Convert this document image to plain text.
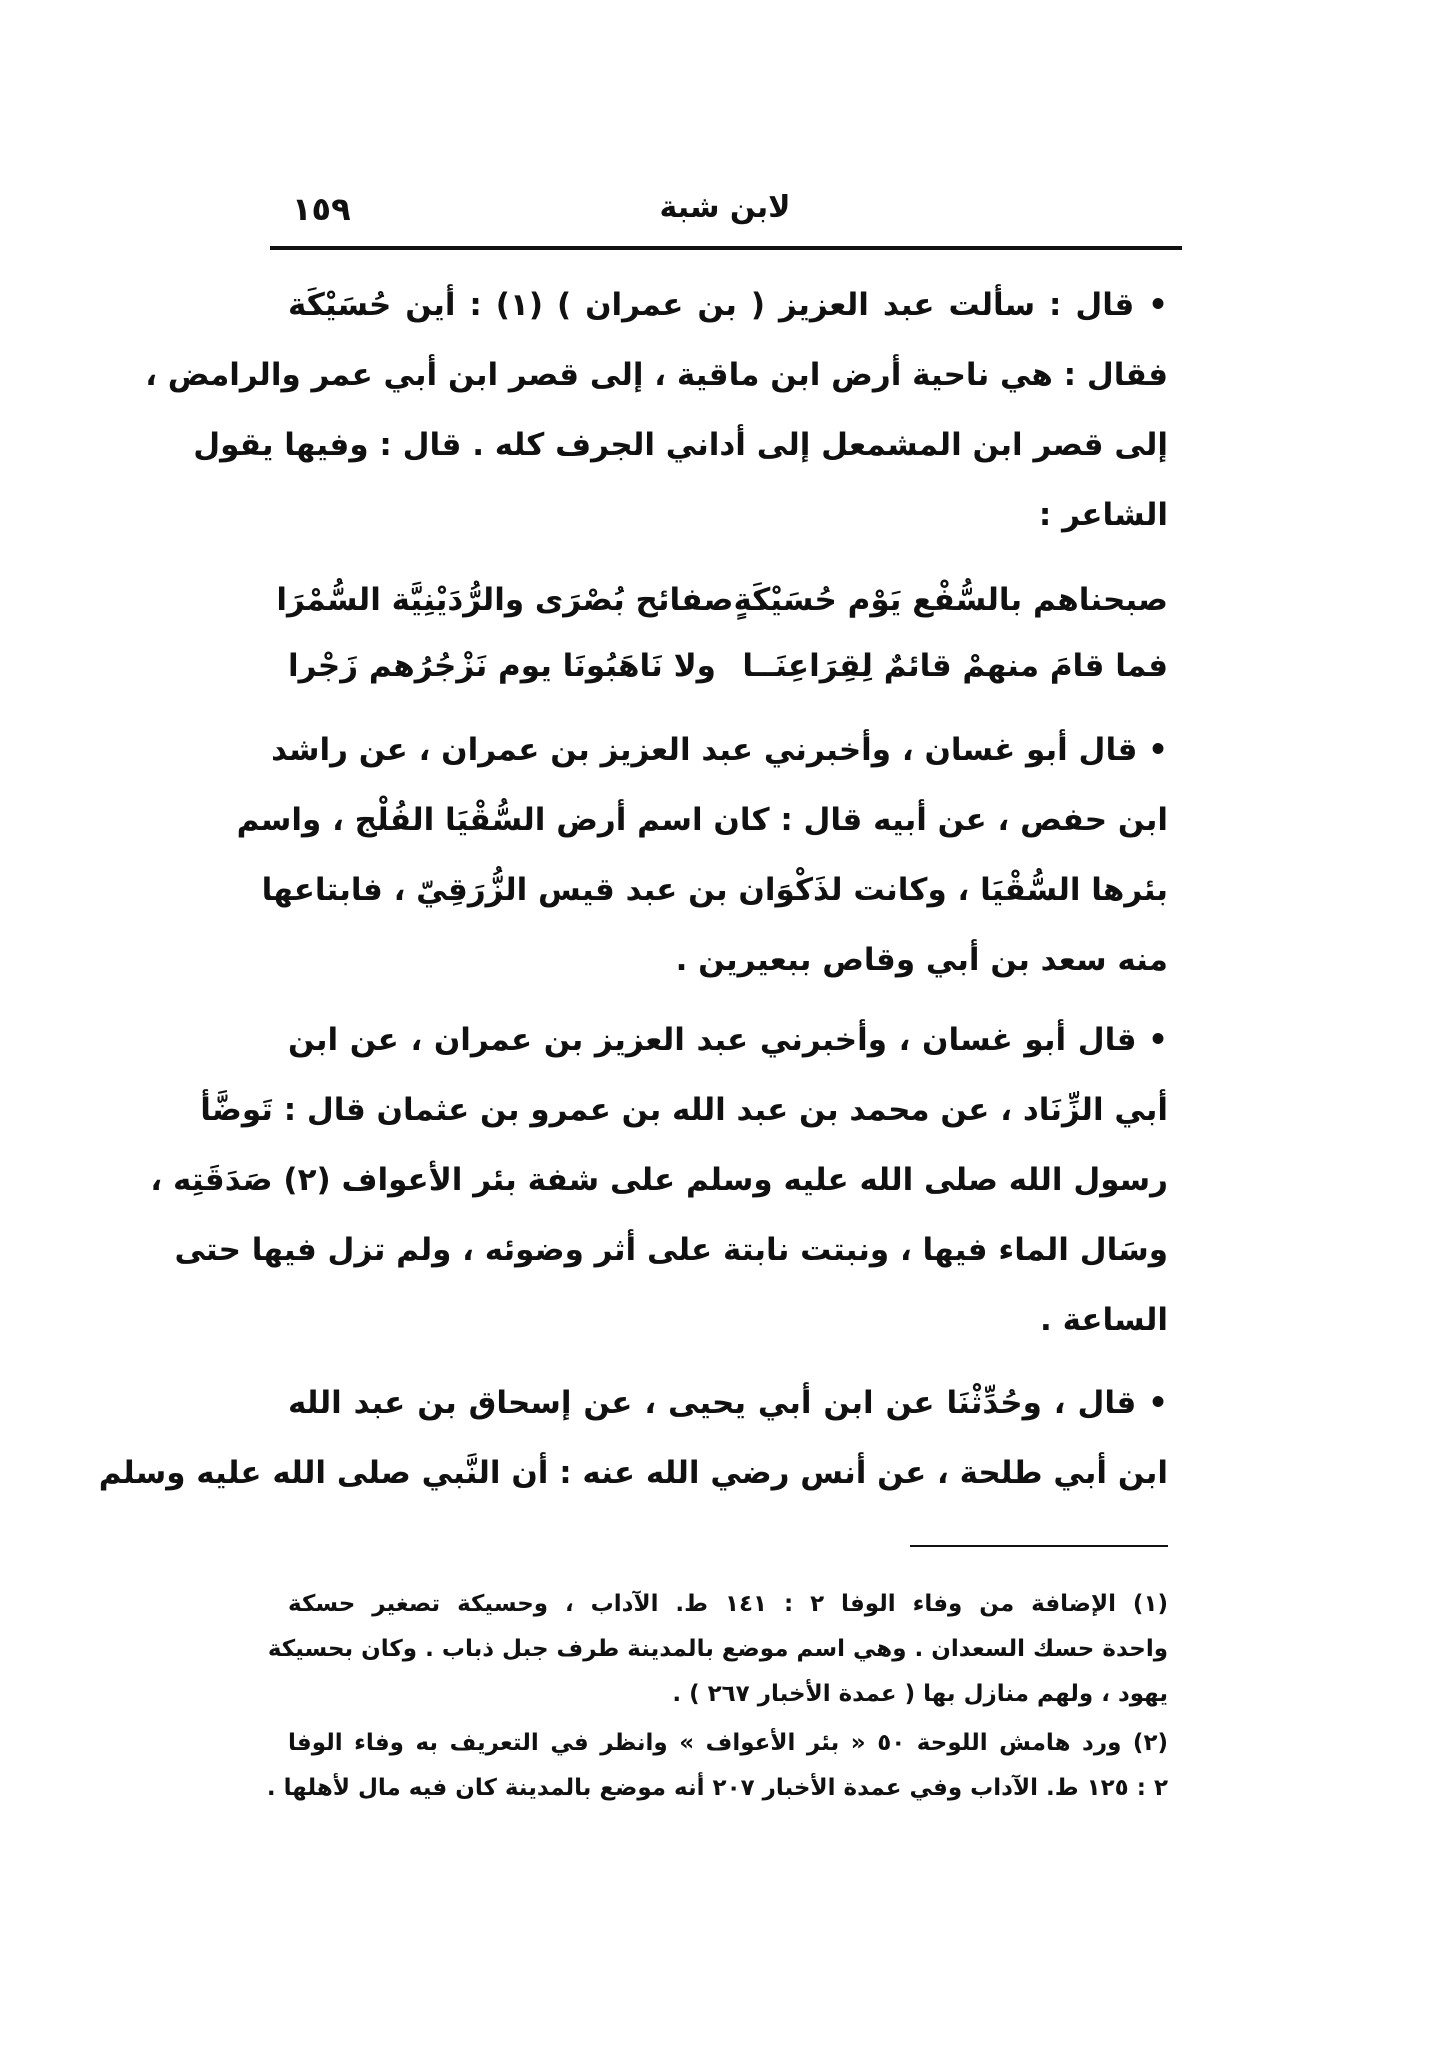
١٥٩	لابن شبة
• قال : سألت عبد العزيز ( بن عمران ) (١) : أين حُسَيْكَة
فقال : هي ناحية أرض ابن ماقية ، إلى قصر ابن أبي عمر والرامض ،
إلى قصر ابن المشمعل إلى أداني الجرف كله . قال : وفيها يقول
الشاعر :
صبحناهم بالسُّفْع يَوْم حُسَيْكَةٍ
صفائح بُصْرَى والرُّدَيْنِيَّة السُّمْرَا
فما قامَ منهمْ قائمٌ لِقِرَاعِنَــا
ولا نَاهَبُونَا يوم نَزْجُرُهم زَجْرا
• قال أبو غسان ، وأخبرني عبد العزيز بن عمران ، عن راشد
ابن حفص ، عن أبيه قال : كان اسم أرض السُّقْيَا الفُلْج ، واسم
بئرها السُّقْيَا ، وكانت لذَكْوَان بن عبد قيس الزُّرَقِيّ ، فابتاعها
منه سعد بن أبي وقاص ببعيرين .
• قال أبو غسان ، وأخبرني عبد العزيز بن عمران ، عن ابن
أبي الزِّنَاد ، عن محمد بن عبد الله بن عمرو بن عثمان قال : تَوضَّأ
رسول الله صلى الله عليه وسلم على شفة بئر الأعواف (٢) صَدَقَتِه ،
وسَال الماء فيها ، ونبتت نابتة على أثر وضوئه ، ولم تزل فيها حتى
الساعة .
• قال ، وحُدِّثْنَا عن ابن أبي يحيى ، عن إسحاق بن عبد الله
ابن أبي طلحة ، عن أنس رضي الله عنه : أن النَّبي صلى الله عليه وسلم
(١) الإضافة من وفاء الوفا ٢ : ١٤١ ط. الآداب ، وحسيكة تصغير حسكة
واحدة حسك السعدان . وهي اسم موضع بالمدينة طرف جبل ذباب . وكان بحسيكة
يهود ، ولهم منازل بها ( عمدة الأخبار ٢٦٧ ) .
(٢) ورد هامش اللوحة ٥٠ « بئر الأعواف » وانظر في التعريف به وفاء الوفا
٢ : ١٢٥ ط. الآداب وفي عمدة الأخبار ٢٠٧ أنه موضع بالمدينة كان فيه مال لأهلها .
